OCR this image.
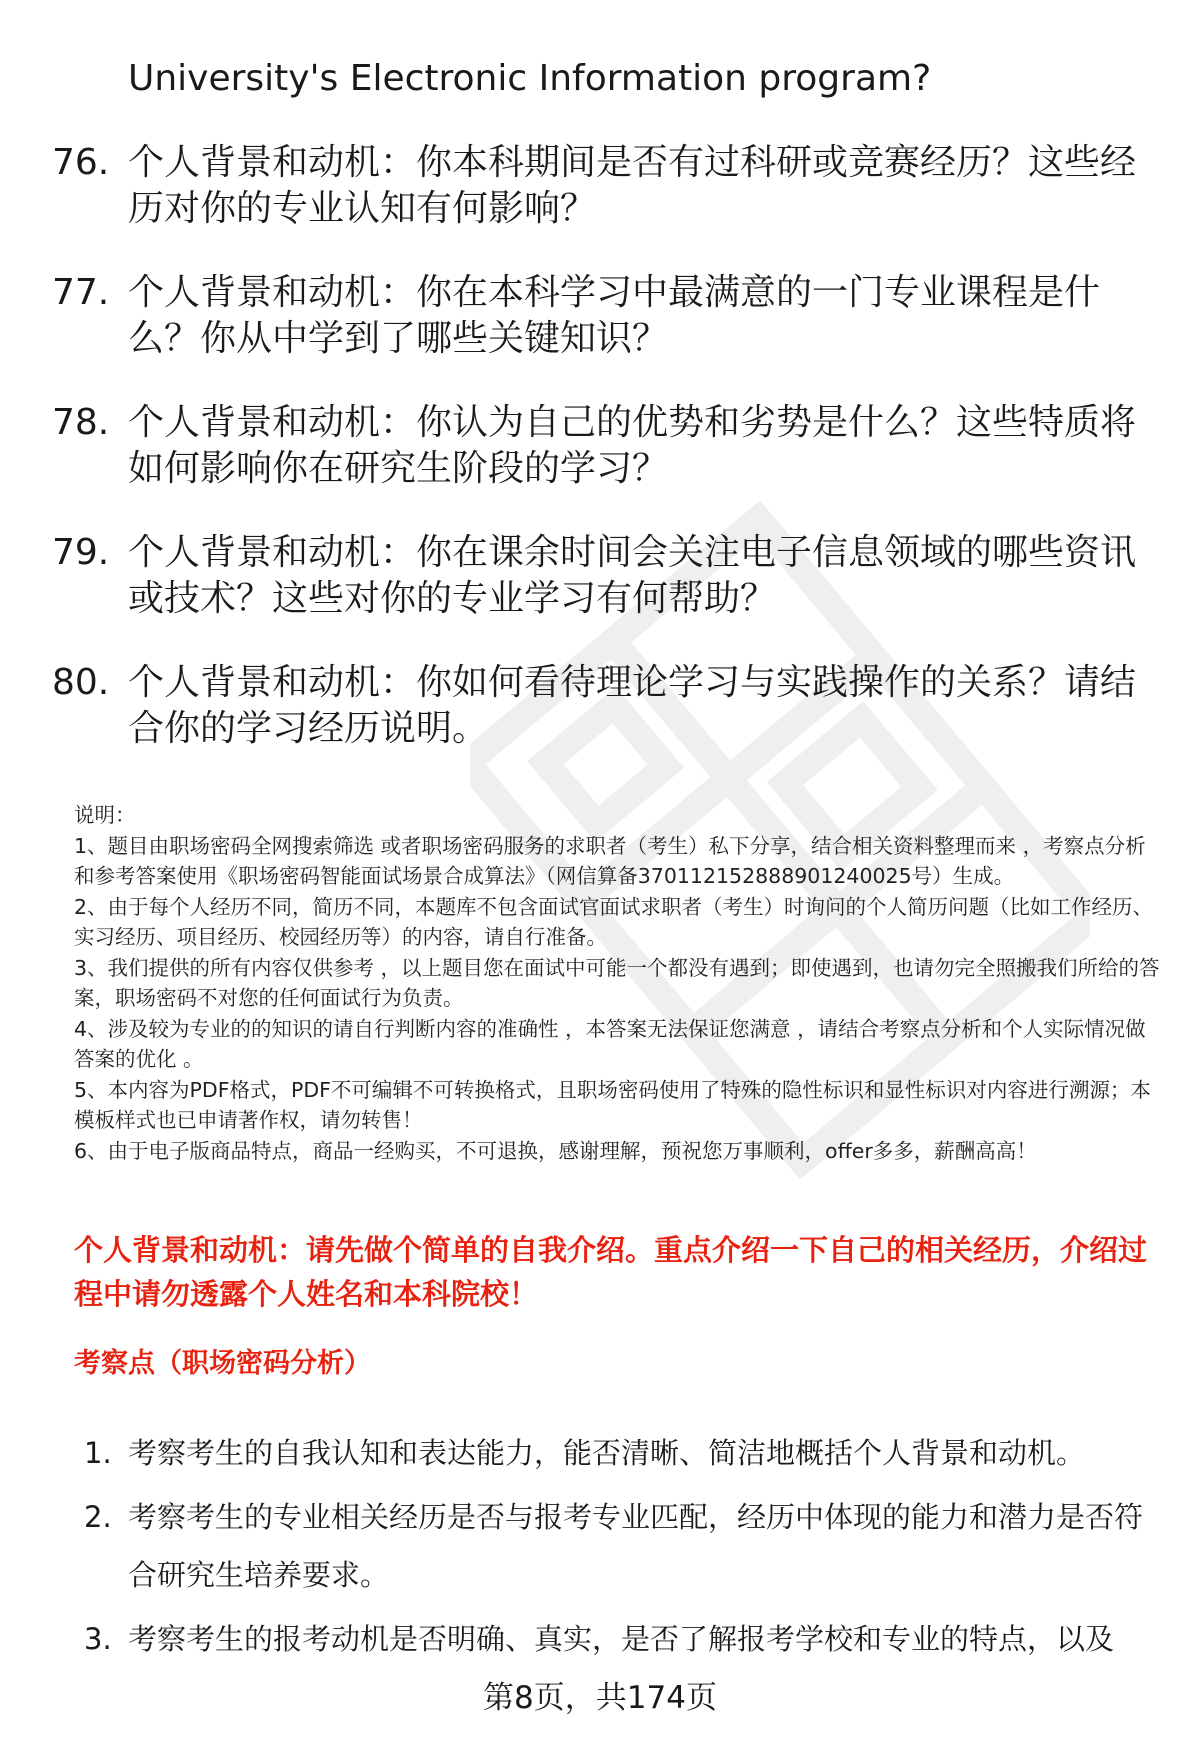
University's Electronic Information program?
76. 个人背景和动机：你本科期间是否有过科研或竞赛经历？这些经历对你的专业认知有何影响？
77. 个人背景和动机：你在本科学习中最满意的一门专业课程是什么？你从中学到了哪些关键知识？
78. 个人背景和动机：你认为自己的优势和劣势是什么？这些特质将如何影响你在研究生阶段的学习？
79. 个人背景和动机：你在课余时间会关注电子信息领域的哪些资讯或技术？这些对你的专业学习有何帮助？
80. 个人背景和动机：你如何看待理论学习与实践操作的关系？请结合你的学习经历说明。

说明：

1、题目由职场密码全网搜索筛选 或者职场密码服务的求职者（考生）私下分享，结合相关资料整理而来 ，考察点分析和参考答案使用《职场密码智能面试场景合成算法》（网信算备370112152888901240025号）生成。

2、由于每个人经历不同，简历不同，本题库不包含面试官面试求职者（考生）时询问的个人简历问题（比如工作经历、实习经历、项目经历、校园经历等）的内容，请自行准备。

3、我们提供的所有内容仅供参考 ，以上题目您在面试中可能一个都没有遇到；即使遇到，也请勿完全照搬我们所给的答案，职场密码不对您的任何面试行为负责。

4、涉及较为专业的的知识的请自行判断内容的准确性 ，本答案无法保证您满意 ，请结合考察点分析和个人实际情况做答案的优化 。

5、本内容为PDF格式，PDF不可编辑不可转换格式，且职场密码使用了特殊的隐性标识和显性标识对内容进行溯源；本模板样式也已申请著作权，请勿转售！

6、由于电子版商品特点，商品一经购买，不可退换，感谢理解，预祝您万事顺利，offer多多，薪酬高高！

个人背景和动机：请先做个简单的自我介绍。重点介绍一下自己的相关经历，介绍过程中请勿透露个人姓名和本科院校！
考察点（职场密码分析）
1. 考察考生的自我认知和表达能力，能否清晰、简洁地概括个人背景和动机。
2. 考察考生的专业相关经历是否与报考专业匹配，经历中体现的能力和潜力是否符合研究生培养要求。
3. 考察考生的报考动机是否明确、真实，是否了解报考学校和专业的特点，以及
第8页，共174页
